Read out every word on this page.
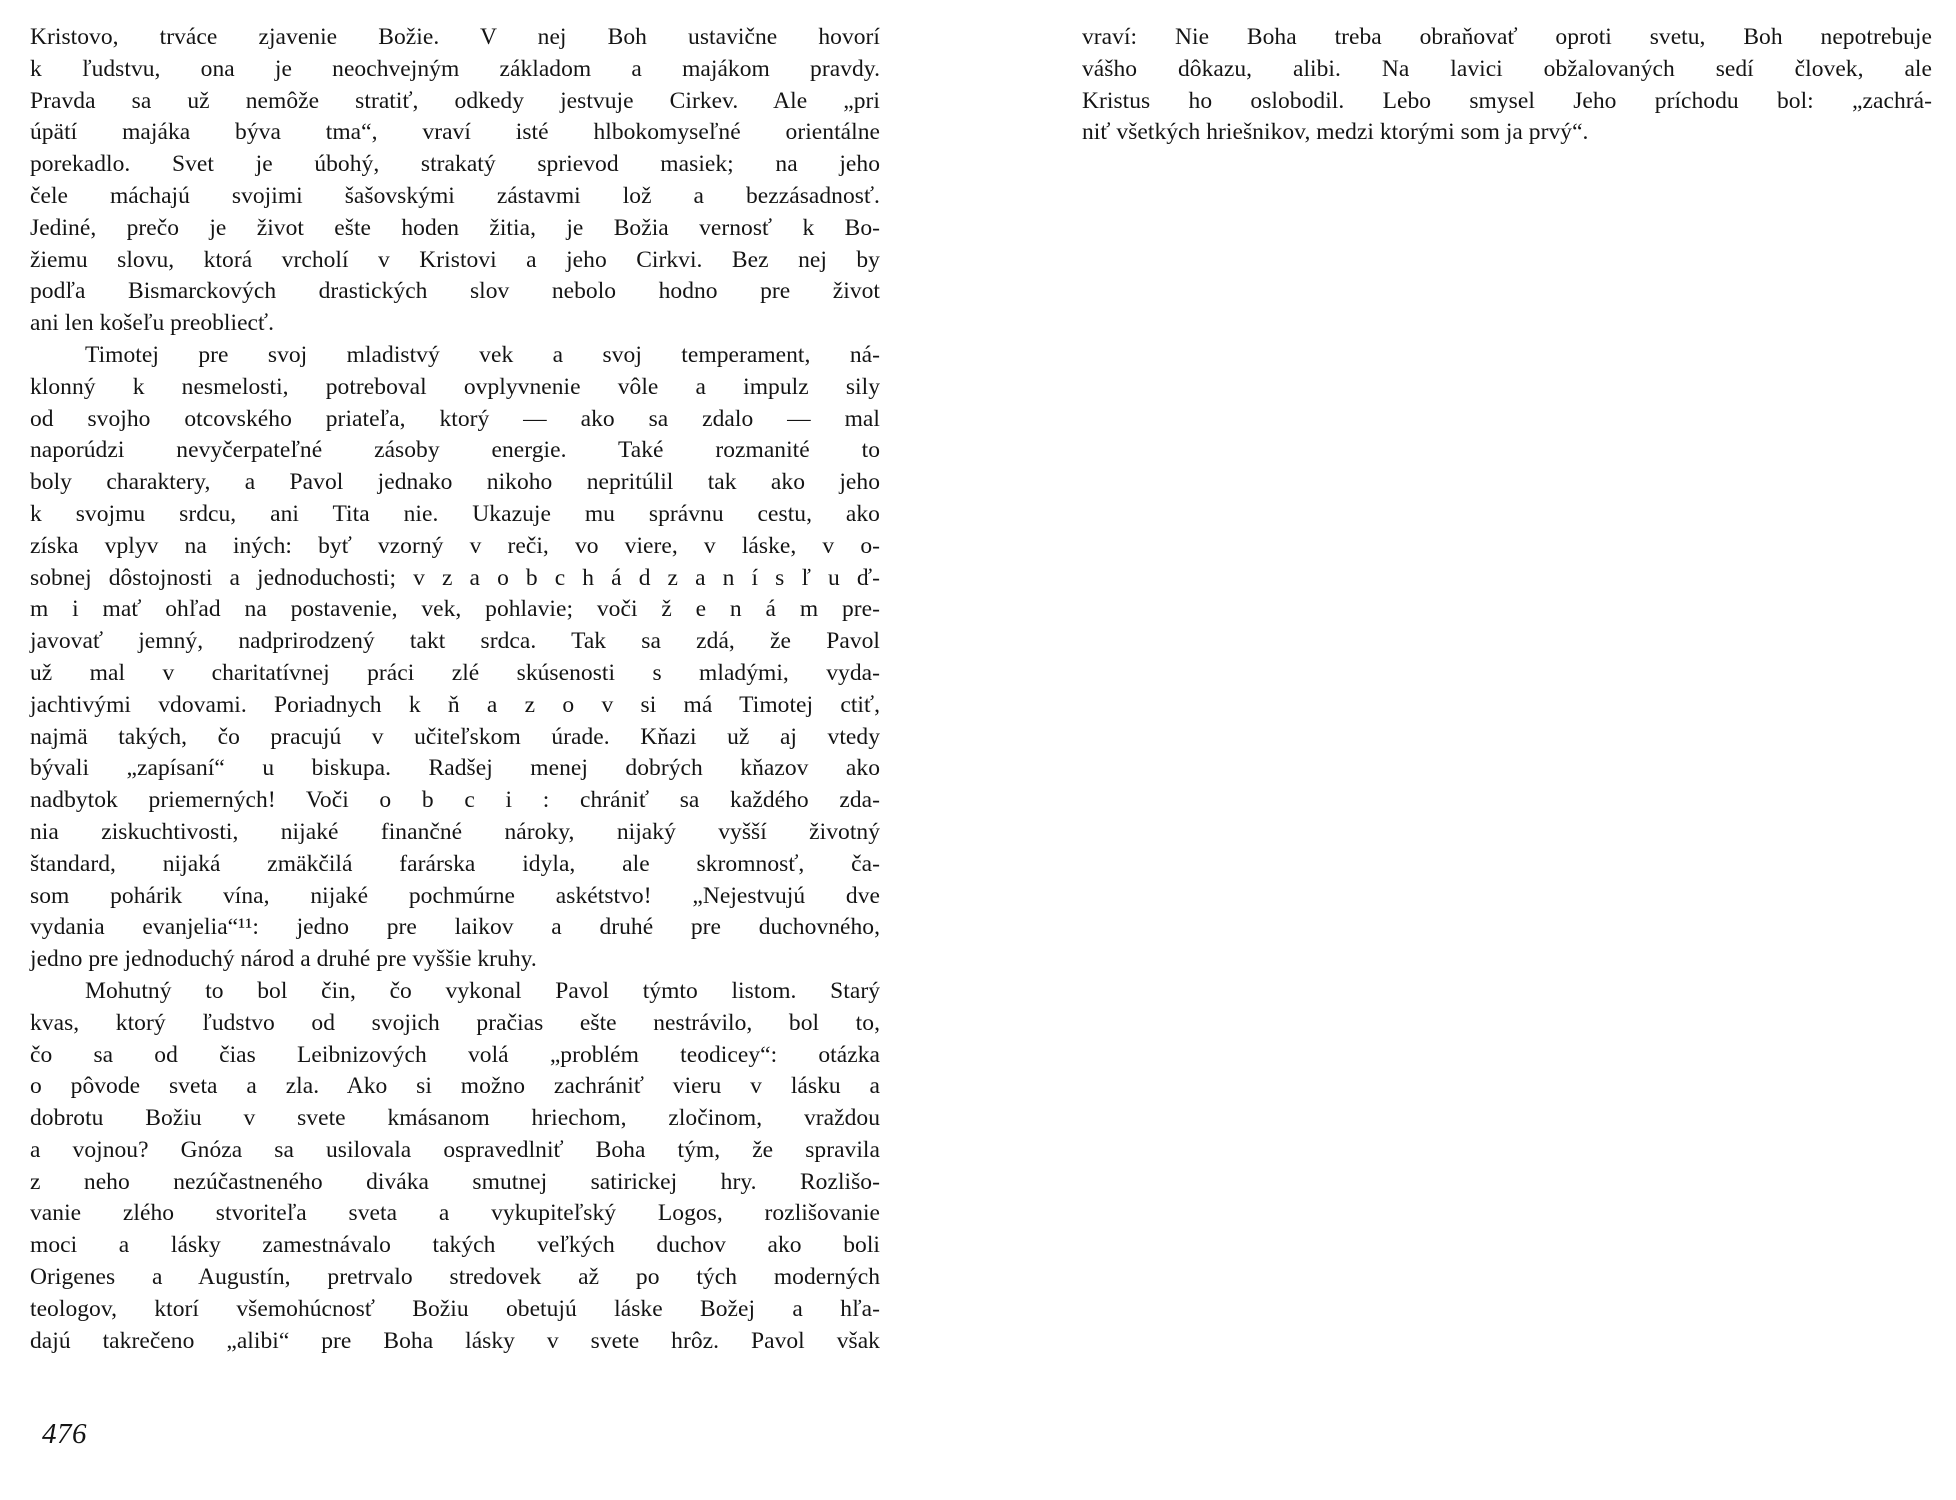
Kristovo, trváce zjavenie Božie. V nej Boh ustavične hovorí
k ľudstvu, ona je neochvejným základom a majákom pravdy.
Pravda sa už nemôže stratiť, odkedy jestvuje Cirkev. Ale „pri
úpätí majáka býva tma“, vraví isté hlbokomyseľné orientálne
porekadlo. Svet je úbohý, strakatý sprievod masiek; na jeho
čele máchajú svojimi šašovskými zástavmi lož a bezzásadnosť.
Jediné, prečo je život ešte hoden žitia, je Božia vernosť k Bo-
žiemu slovu, ktorá vrcholí v Kristovi a jeho Cirkvi. Bez nej by
podľa Bismarckových drastických slov nebolo hodno pre život
ani len košeľu preobliecť.
Timotej pre svoj mladistvý vek a svoj temperament, ná-
klonný k nesmelosti, potreboval ovplyvnenie vôle a impulz sily
od svojho otcovského priateľa, ktorý — ako sa zdalo — mal
naporúdzi nevyčerpateľné zásoby energie. Také rozmanité to
boly charaktery, a Pavol jednako nikoho nepritúlil tak ako jeho
k svojmu srdcu, ani Tita nie. Ukazuje mu správnu cestu, ako
získa vplyv na iných: byť vzorný v reči, vo viere, v láske, v o-
sobnej dôstojnosti a jednoduchosti; v z a o b c h á d z a n í s ľ u ď-
m i mať ohľad na postavenie, vek, pohlavie; voči ž e n á m pre-
javovať jemný, nadprirodzený takt srdca. Tak sa zdá, že Pavol
už mal v charitatívnej práci zlé skúsenosti s mladými, vyda-
jachtivými vdovami. Poriadnych k ň a z o v si má Timotej ctiť,
najmä takých, čo pracujú v učiteľskom úrade. Kňazi už aj vtedy
bývali „zapísaní“ u biskupa. Radšej menej dobrých kňazov ako
nadbytok priemerných! Voči o b c i : chrániť sa každého zda-
nia ziskuchtivosti, nijaké finančné nároky, nijaký vyšší životný
štandard, nijaká zmäkčilá farárska idyla, ale skromnosť, ča-
som pohárik vína, nijaké pochmúrne askétstvo! „Nejestvujú dve
vydania evanjelia“¹¹: jedno pre laikov a druhé pre duchovného,
jedno pre jednoduchý národ a druhé pre vyššie kruhy.
Mohutný to bol čin, čo vykonal Pavol týmto listom. Starý
kvas, ktorý ľudstvo od svojich pračias ešte nestrávilo, bol to,
čo sa od čias Leibnizových volá „problém teodicey“: otázka
o pôvode sveta a zla. Ako si možno zachrániť vieru v lásku a
dobrotu Božiu v svete kmásanom hriechom, zločinom, vraždou
a vojnou? Gnóza sa usilovala ospravedlniť Boha tým, že spravila
z neho nezúčastneného diváka smutnej satirickej hry. Rozlišo-
vanie zlého stvoriteľa sveta a vykupiteľský Logos, rozlišovanie
moci a lásky zamestnávalo takých veľkých duchov ako boli
Origenes a Augustín, pretrvalo stredovek až po tých moderných
teologov, ktorí všemohúcnosť Božiu obetujú láske Božej a hľa-
dajú takrečeno „alibi“ pre Boha lásky v svete hrôz. Pavol však
476
vraví: Nie Boha treba obraňovať oproti svetu, Boh nepotrebuje
vášho dôkazu, alibi. Na lavici obžalovaných sedí človek, ale
Kristus ho oslobodil. Lebo smysel Jeho príchodu bol: „zachrá-
niť všetkých hriešnikov, medzi ktorými som ja prvý“.
